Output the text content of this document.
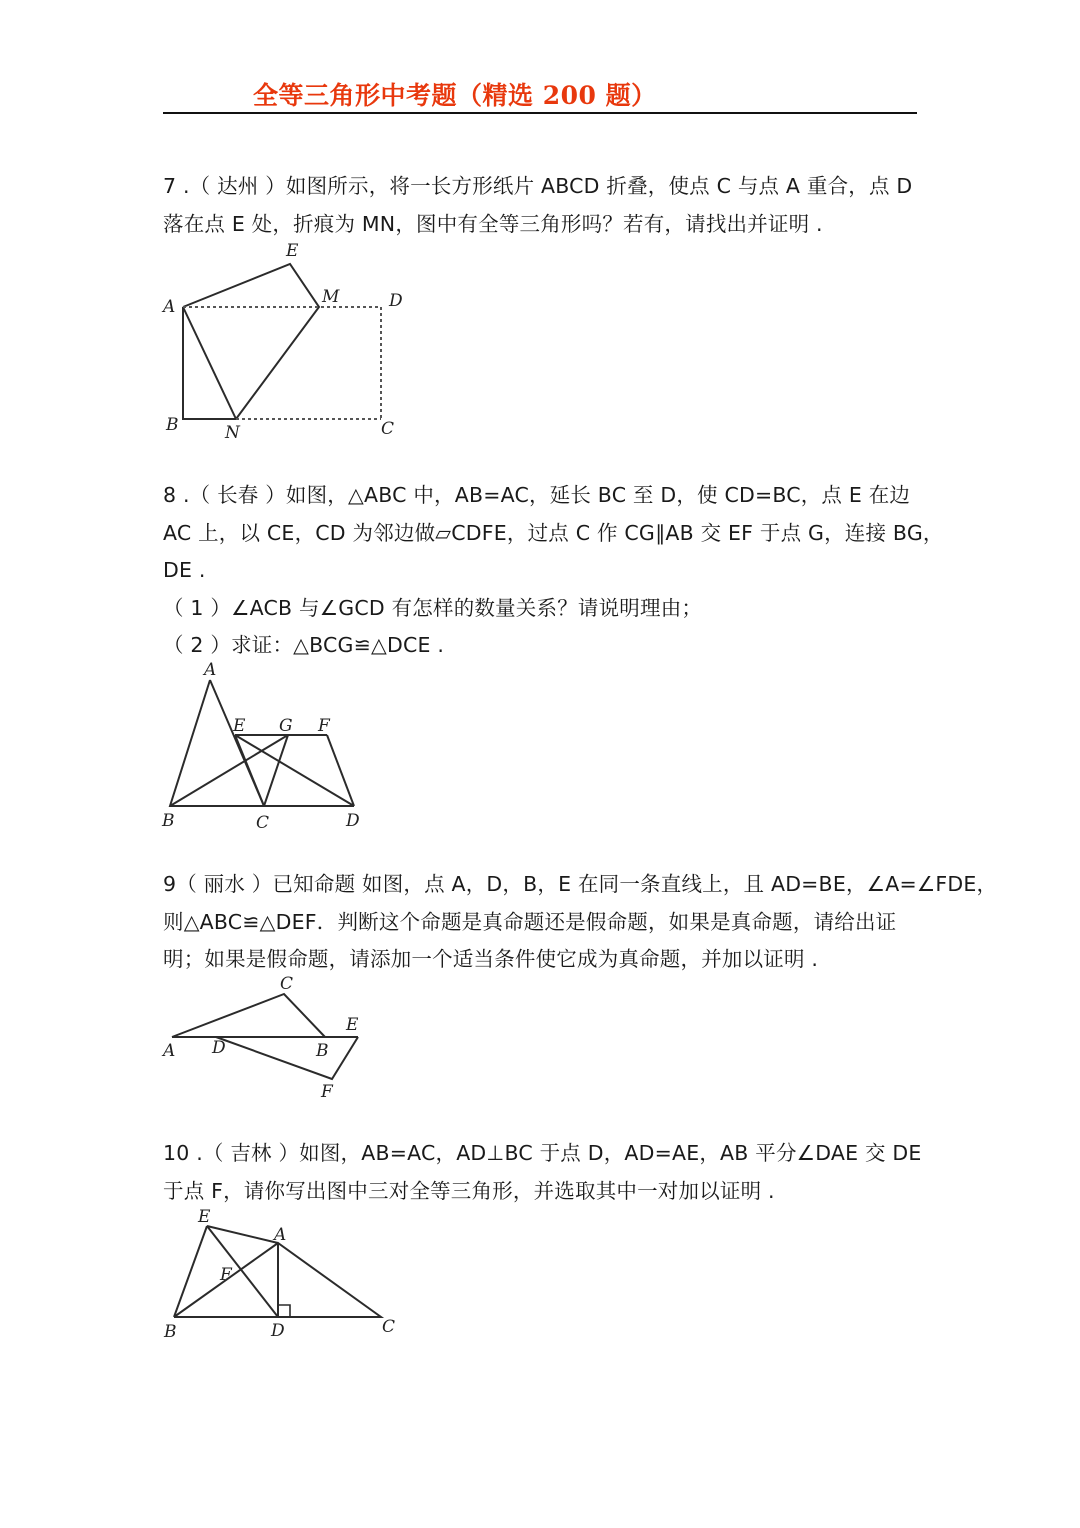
全等三角形中考题（精选 200 题）
7 .（ 达州 ）如图所示，将一长方形纸片 ABCD 折叠，使点 C 与点 A 重合，点 D
落在点 E 处，折痕为 MN，图中有全等三角形吗？若有，请找出并证明 .
A
B	C
D
E
M
N
8 .（ 长春 ）如图，△ABC 中，AB=AC，延长 BC 至 D，使 CD=BC，点 E 在边
AC 上，以 CE，CD 为邻边做▱CDFE，过点 C 作 CG∥AB 交 EF 于点 G，连接 BG，
DE .
（ 1 ）∠ACB 与∠GCD 有怎样的数量关系？请说明理由；
（ 2 ）求证：△BCG≌△DCE .
A
B	C	D
E G F
9（ 丽水 ）已知命题 如图，点 A，D，B，E 在同一条直线上，且 AD=BE，∠A=∠FDE，
则△ABC≌△DEF．判断这个命题是真命题还是假命题，如果是真命题，请给出证
明；如果是假命题，请添加一个适当条件使它成为真命题，并加以证明 .
A D	B
C
E
F
10 .（ 吉林 ）如图，AB=AC，AD⊥BC 于点 D，AD=AE，AB 平分∠DAE 交 DE
于点 F，请你写出图中三对全等三角形，并选取其中一对加以证明 .
E
A
F
B	D	C
